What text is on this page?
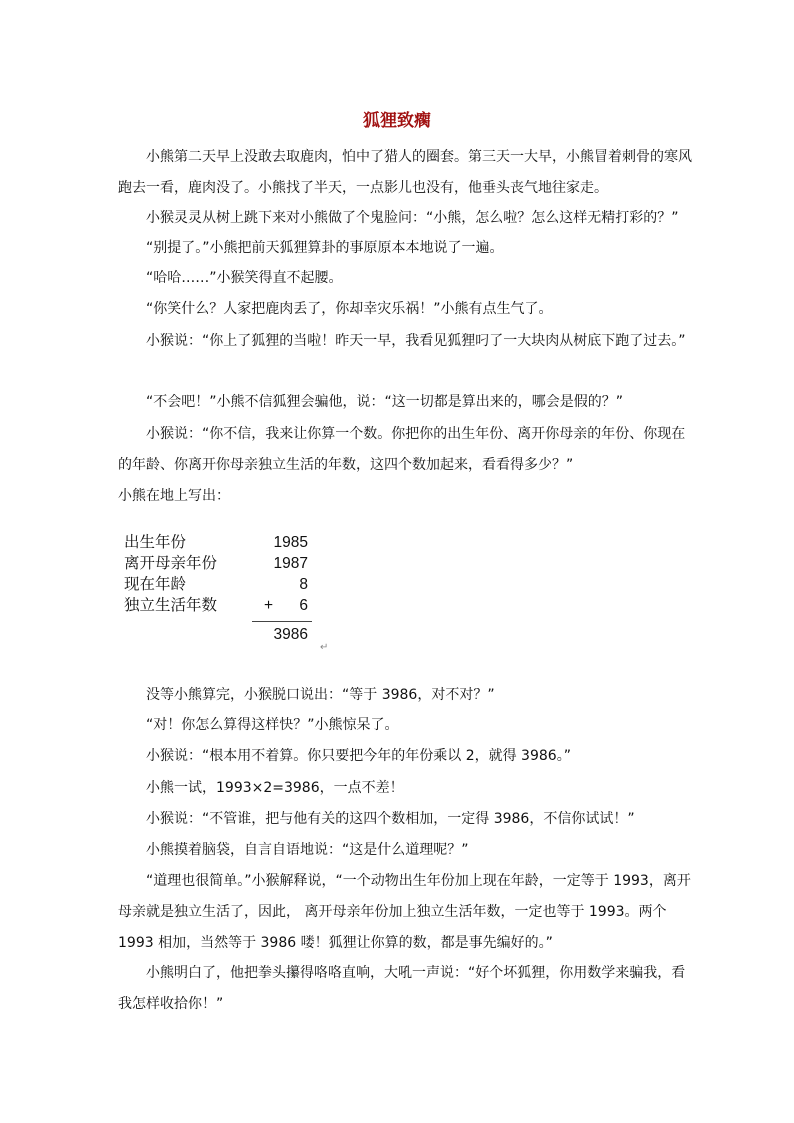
狐狸致瘸

小熊第二天早上没敢去取鹿肉，怕中了猎人的圈套。第三天一大早，小熊冒着刺骨的寒风跑去一看，鹿肉没了。小熊找了半天，一点影儿也没有，他垂头丧气地往家走。

小猴灵灵从树上跳下来对小熊做了个鬼脸问：“小熊，怎么啦？怎么这样无精打彩的？”

“别提了。”小熊把前天狐狸算卦的事原原本本地说了一遍。

“哈哈……”小猴笑得直不起腰。

“你笑什么？人家把鹿肉丢了，你却幸灾乐祸！”小熊有点生气了。

小猴说：“你上了狐狸的当啦！昨天一早，我看见狐狸叼了一大块肉从树底下跑了过去。”

“不会吧！”小熊不信狐狸会骗他，说：“这一切都是算出来的，哪会是假的？”

小猴说：“你不信，我来让你算一个数。你把你的出生年份、离开你母亲的年份、你现在的年龄、你离开你母亲独立生活的年数，这四个数加起来，看看得多少？”

小熊在地上写出：

出生年份	1985
离开母亲年份	1987
现在年龄	8
独立生活年数	+ 6
3986
↵

没等小熊算完，小猴脱口说出：“等于 3986，对不对？”

“对！你怎么算得这样快？”小熊惊呆了。

小猴说：“根本用不着算。你只要把今年的年份乘以 2，就得 3986。”

小熊一试，1993×2=3986，一点不差！

小猴说：“不管谁，把与他有关的这四个数相加，一定得 3986，不信你试试！”

小熊摸着脑袋，自言自语地说：“这是什么道理呢？”

“道理也很简单。”小猴解释说，“一个动物出生年份加上现在年龄，一定等于 1993，离开母亲就是独立生活了，因此， 离开母亲年份加上独立生活年数，一定也等于 1993。两个 1993 相加，当然等于 3986 喽！狐狸让你算的数，都是事先编好的。”

小熊明白了，他把拳头攥得咯咯直响，大吼一声说：“好个坏狐狸，你用数学来骗我，看我怎样收拾你！”
